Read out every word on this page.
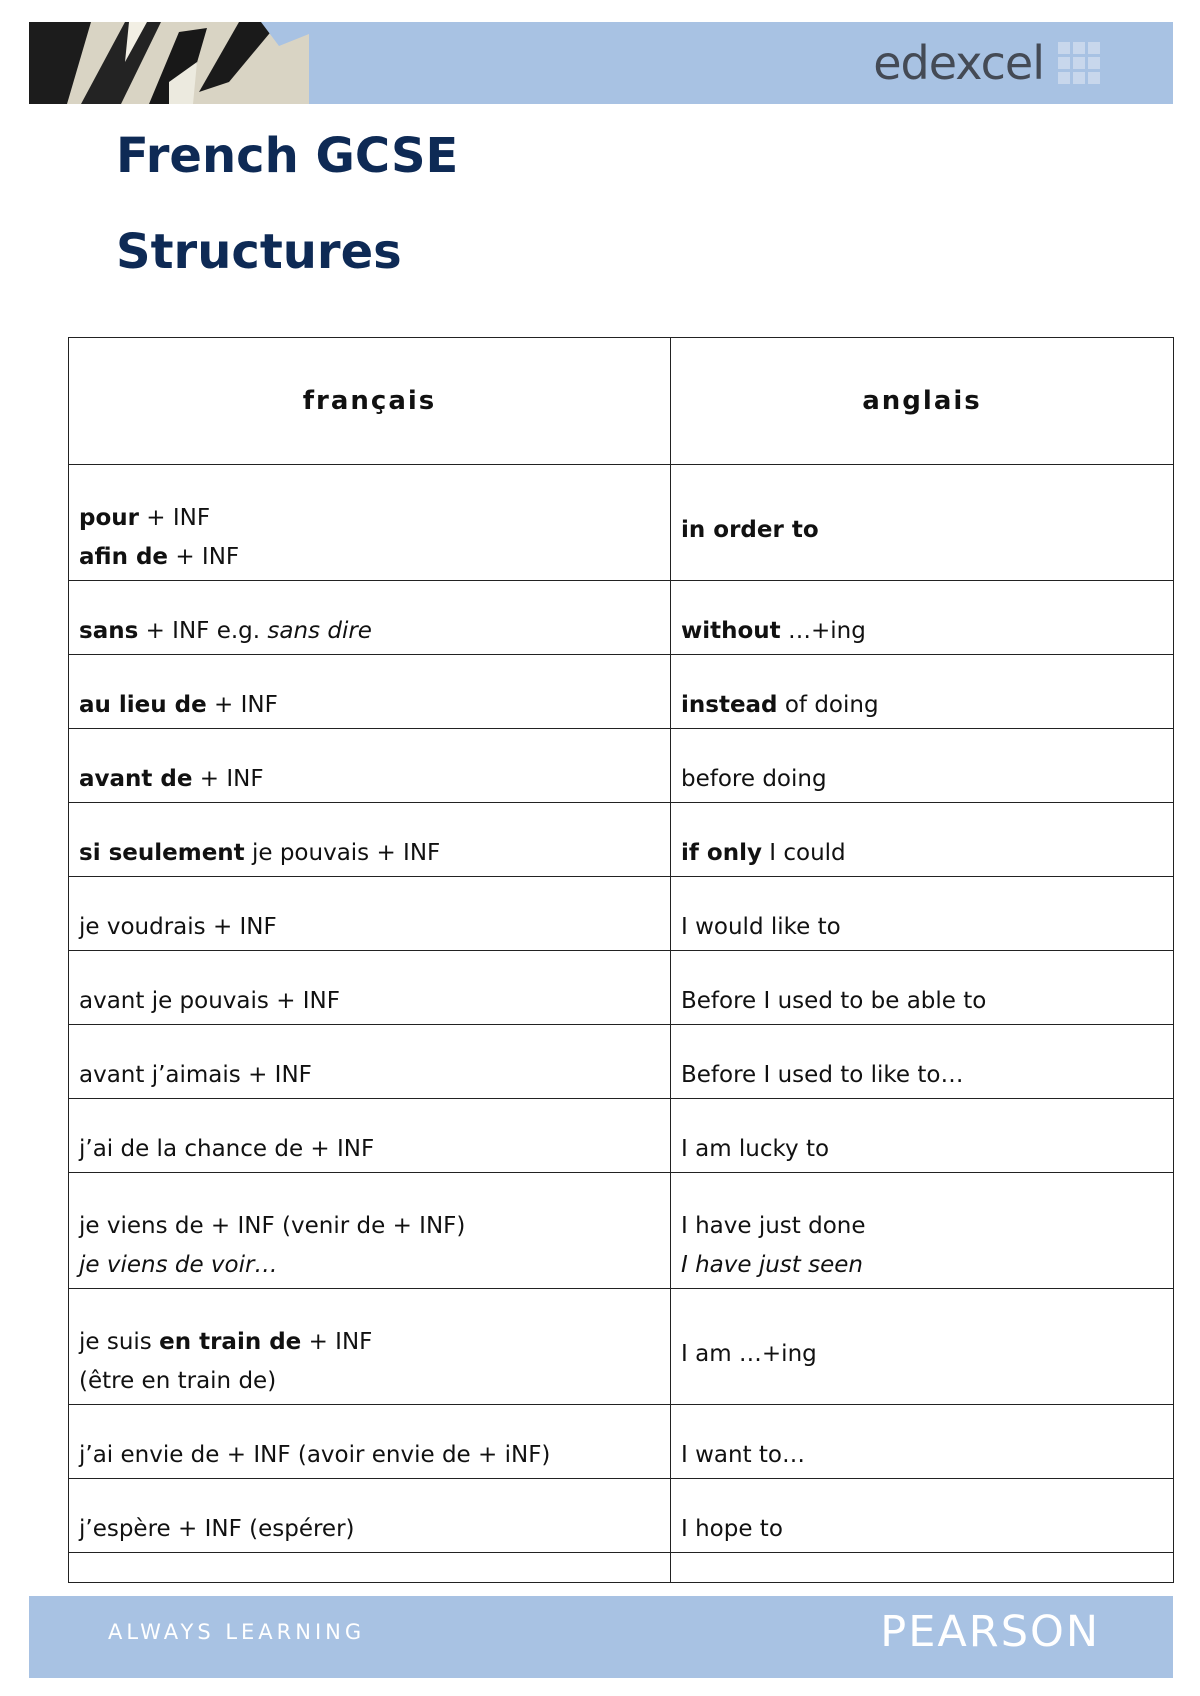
edexcel
French GCSE
Structures
français	anglais

pour + INF
afin de + INF	in order to

sans + INF e.g. sans dire	without …+ing

au lieu de + INF	instead of doing

avant de + INF	before doing

si seulement je pouvais + INF	if only I could

je voudrais + INF	I would like to

avant je pouvais + INF	Before I used to be able to

avant j’aimais + INF	Before I used to like to…

j’ai de la chance de + INF	I am lucky to

je viens de + INF (venir de + INF)
je viens de voir…	I have just done
I have just seen

je suis en train de + INF
(être en train de)	I am …+ing

j’ai envie de + INF (avoir envie de + iNF)	I want to…

j’espère + INF (espérer)	I hope to

ALWAYS LEARNING	PEARSON
